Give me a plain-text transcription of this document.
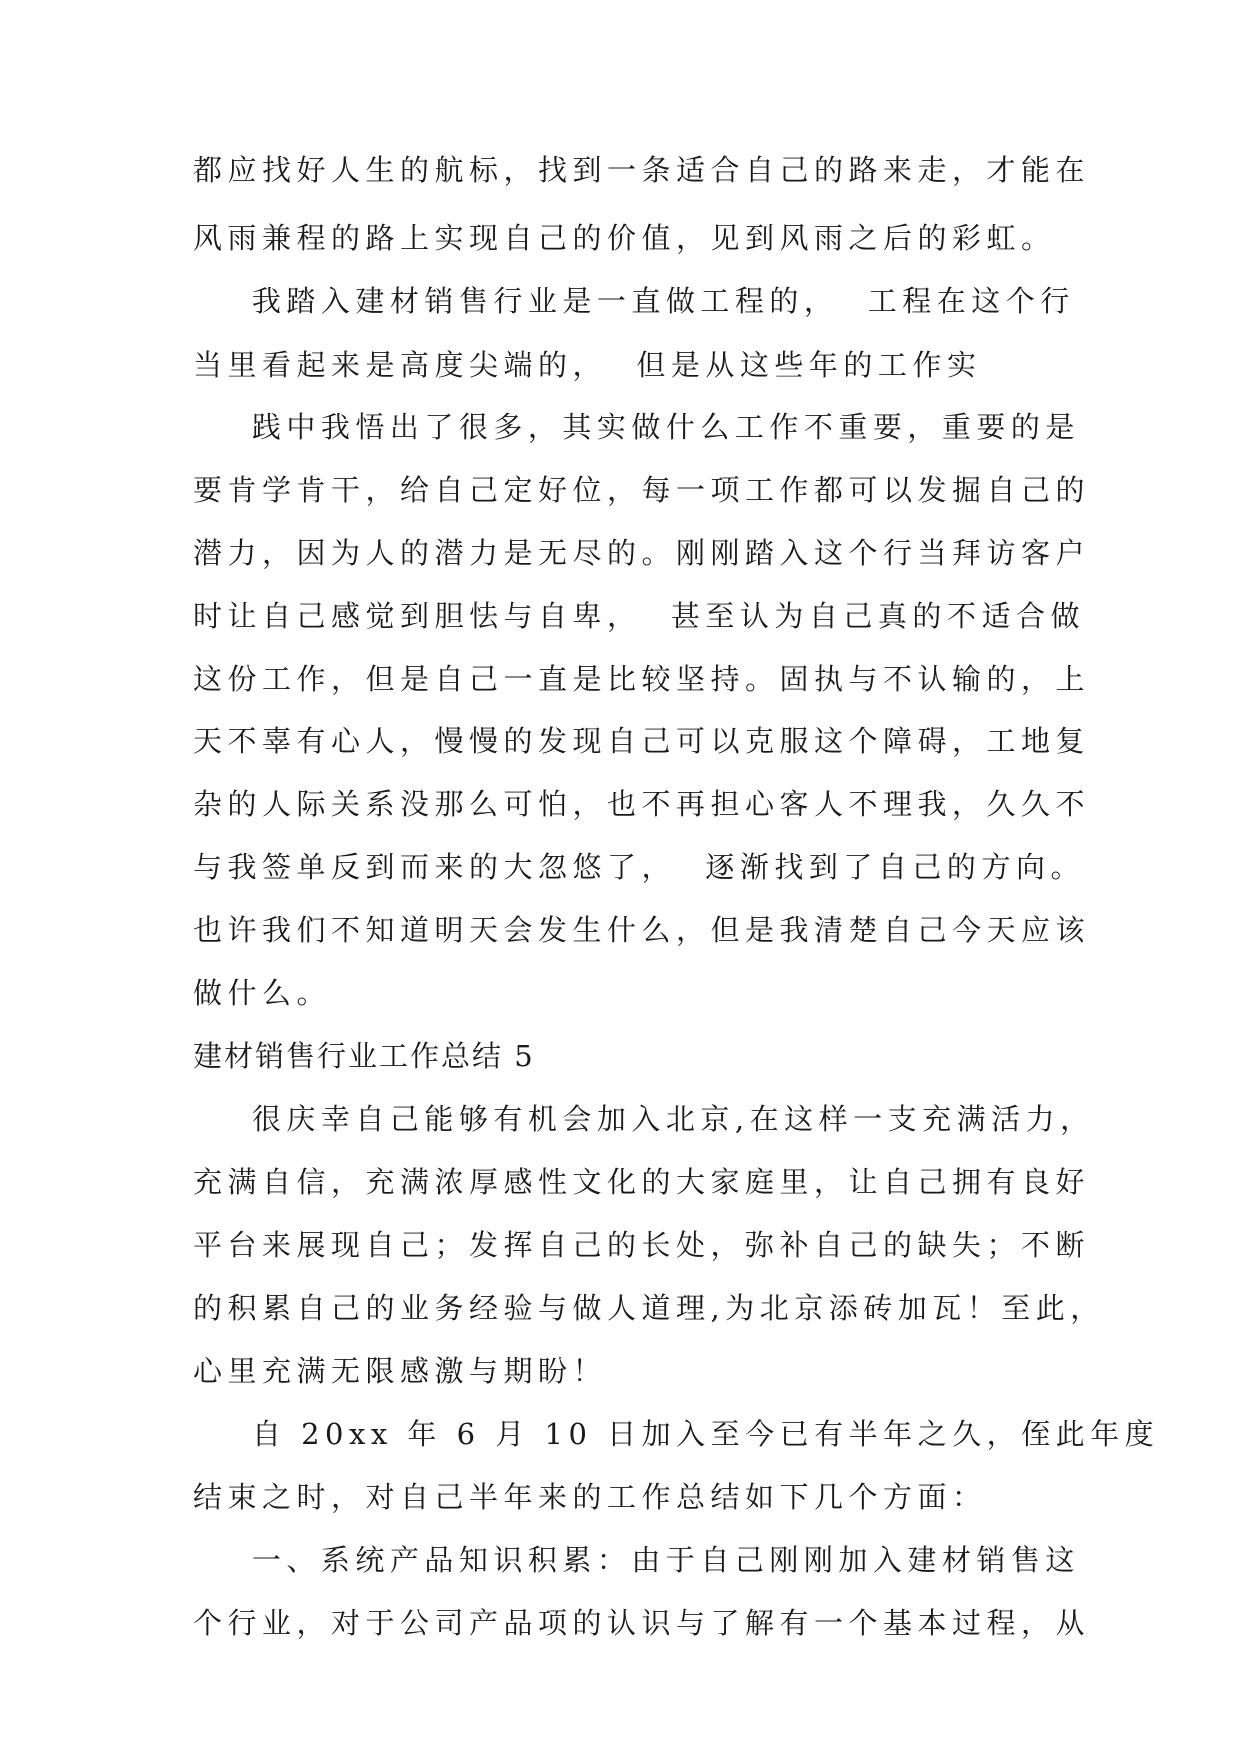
都应找好人生的航标，找到一条适合自己的路来走，才能在
风雨兼程的路上实现自己的价值，见到风雨之后的彩虹。
我踏入建材销售行业是一直做工程的，  工程在这个行
当里看起来是高度尖端的，  但是从这些年的工作实
践中我悟出了很多，其实做什么工作不重要，重要的是
要肯学肯干，给自己定好位，每一项工作都可以发掘自己的
潜力，因为人的潜力是无尽的。刚刚踏入这个行当拜访客户
时让自己感觉到胆怯与自卑，  甚至认为自己真的不适合做
这份工作，但是自己一直是比较坚持。固执与不认输的，上
天不辜有心人，慢慢的发现自己可以克服这个障碍，工地复
杂的人际关系没那么可怕，也不再担心客人不理我，久久不
与我签单反到而来的大忽悠了，  逐渐找到了自己的方向。
也许我们不知道明天会发生什么，但是我清楚自己今天应该
做什么。
建材销售行业工作总结 5
很庆幸自己能够有机会加入北京,在这样一支充满活力，
充满自信，充满浓厚感性文化的大家庭里，让自己拥有良好
平台来展现自己；发挥自己的长处，弥补自己的缺失；不断
的积累自己的业务经验与做人道理,为北京添砖加瓦！至此，
心里充满无限感激与期盼！
自 20xx 年 6 月 10 日加入至今已有半年之久，侄此年度
结束之时，对自己半年来的工作总结如下几个方面：
一、系统产品知识积累：由于自己刚刚加入建材销售这
个行业，对于公司产品项的认识与了解有一个基本过程，从
